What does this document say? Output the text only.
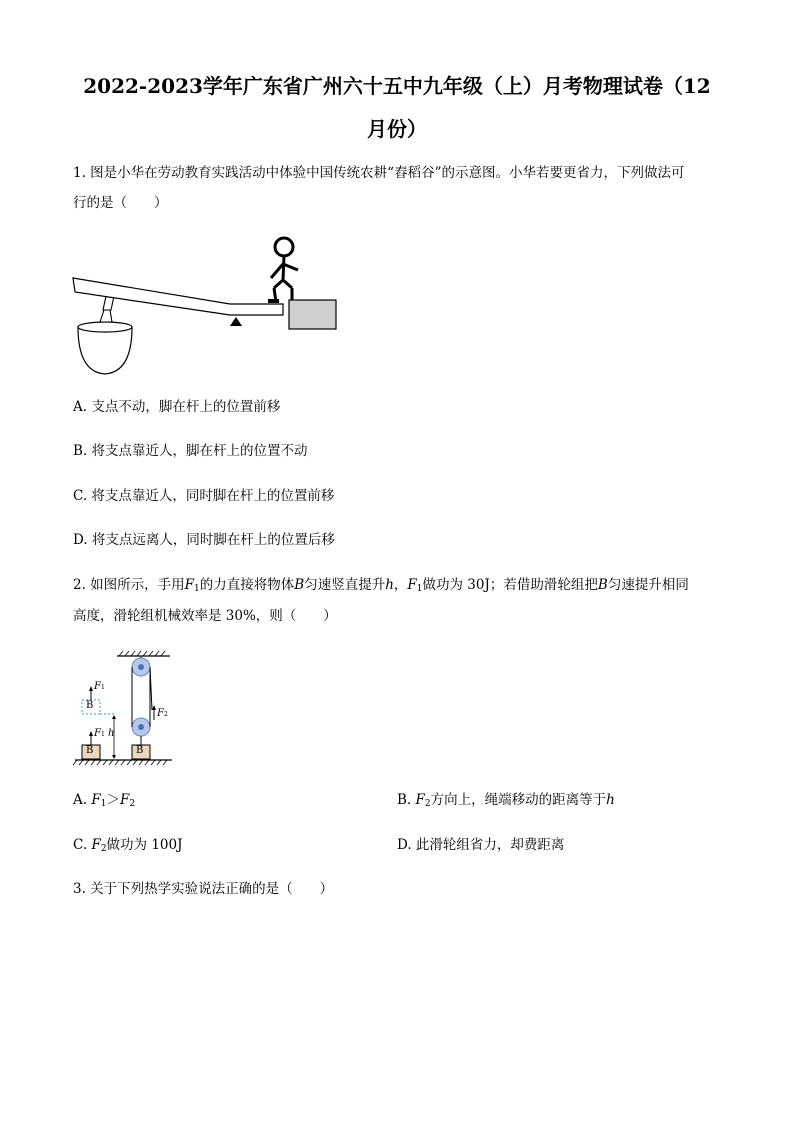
2022-2023学年广东省广州六十五中九年级（上）月考物理试卷（12
月份）
1. 图是小华在劳动教育实践活动中体验中国传统农耕“舂稻谷”的示意图。小华若要更省力，下列做法可
行的是（　　）
A. 支点不动，脚在杆上的位置前移
B. 将支点靠近人，脚在杆上的位置不动
C. 将支点靠近人，同时脚在杆上的位置前移
D. 将支点远离人，同时脚在杆上的位置后移
2. 如图所示，手用$F_1$的力直接将物体B匀速竖直提升h，$F_1$做功为 30J；若借助滑轮组把B匀速提升相同
高度，滑轮组机械效率是 30%，则（　　）
F1
B
F1 h
B	B
F2
A. $F_1>F_2$	B. $F_2$方向上，绳端移动的距离等于h
C. $F_2$做功为 100J	D. 此滑轮组省力，却费距离
3. 关于下列热学实验说法正确的是（　　）
